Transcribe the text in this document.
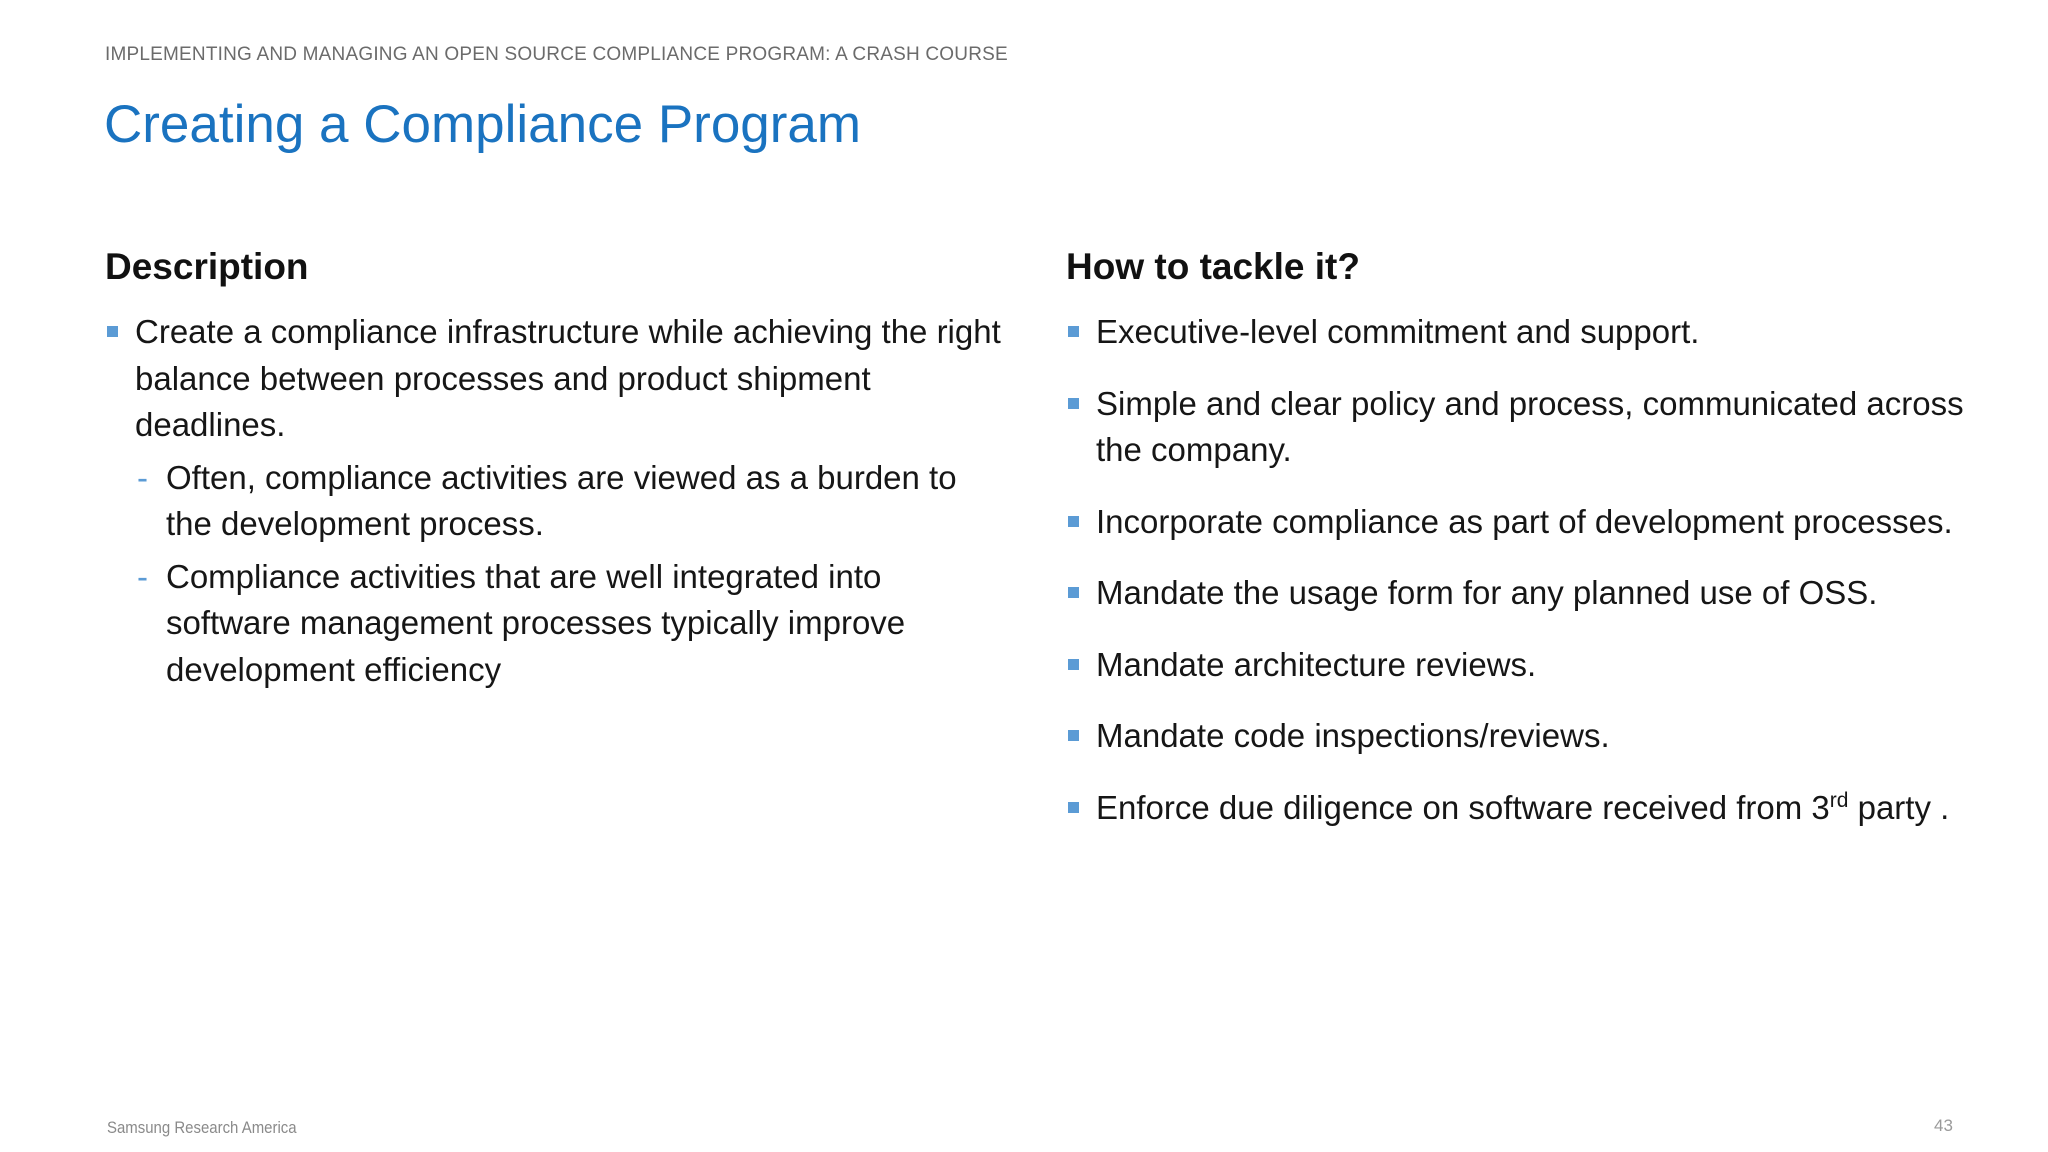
IMPLEMENTING AND MANAGING AN OPEN SOURCE COMPLIANCE PROGRAM: A CRASH COURSE
Creating a Compliance Program
Description
Create a compliance infrastructure while achieving the right balance between processes and product shipment deadlines.
- Often, compliance activities are viewed as a burden to the development process.
- Compliance activities that are well integrated into software management processes typically improve development efficiency
How to tackle it?
Executive-level commitment and support.
Simple and clear policy and process, communicated across the company.
Incorporate compliance as part of development processes.
Mandate the usage form for any planned use of OSS.
Mandate architecture reviews.
Mandate code inspections/reviews.
Enforce due diligence on software received from 3rd party .
Samsung Research America	43
